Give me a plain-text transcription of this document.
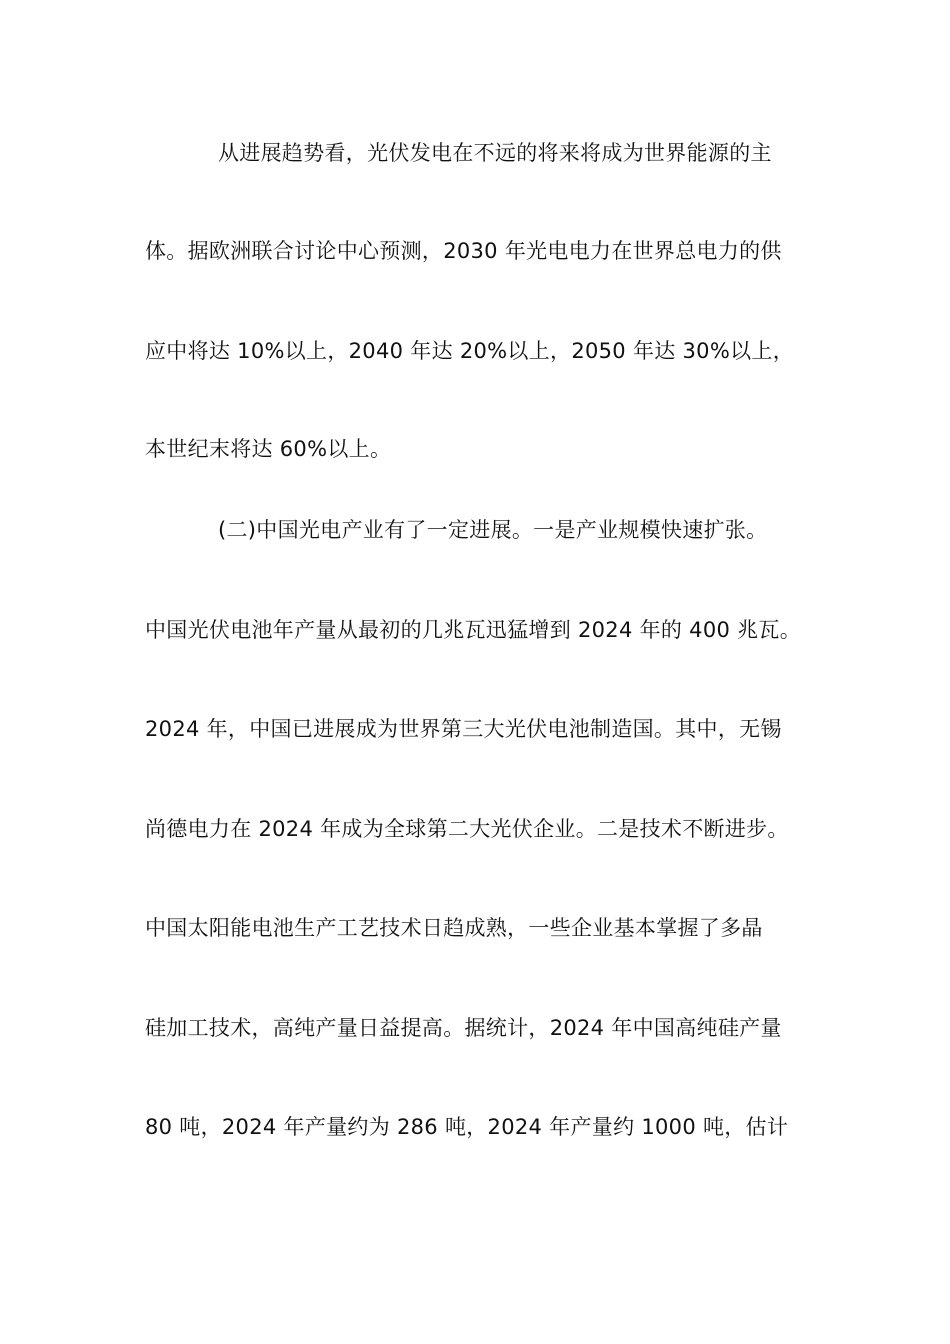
从进展趋势看，光伏发电在不远的将来将成为世界能源的主
体。据欧洲联合讨论中心预测，2030 年光电电力在世界总电力的供
应中将达 10%以上，2040 年达 20%以上，2050 年达 30%以上，
本世纪末将达 60%以上。
(二)中国光电产业有了一定进展。一是产业规模快速扩张。
中国光伏电池年产量从最初的几兆瓦迅猛增到 2024 年的 400 兆瓦。
2024 年，中国已进展成为世界第三大光伏电池制造国。其中，无锡
尚德电力在 2024 年成为全球第二大光伏企业。二是技术不断进步。
中国太阳能电池生产工艺技术日趋成熟，一些企业基本掌握了多晶
硅加工技术，高纯产量日益提高。据统计，2024 年中国高纯硅产量
80 吨，2024 年产量约为 286 吨，2024 年产量约 1000 吨，估计
